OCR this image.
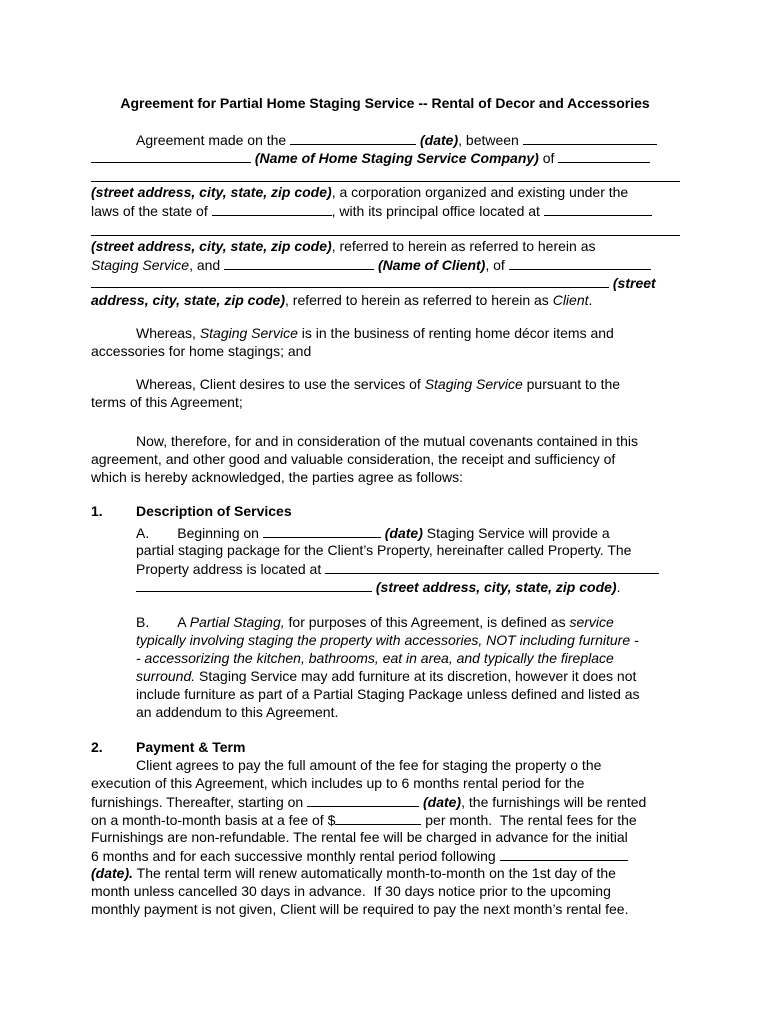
Agreement for Partial Home Staging Service -- Rental of Decor and Accessories

Agreement made on the	(date), between

(Name of Home Staging Service Company) of

(street address, city, state, zip code), a corporation organized and existing under the

laws of the state of	, with its principal office located at

(street address, city, state, zip code), referred to herein as referred to herein as

Staging Service, and	(Name of Client), of

(street

address, city, state, zip code), referred to herein as referred to herein as Client.

Whereas, Staging Service is in the business of renting home décor items and

accessories for home stagings; and

Whereas, Client desires to use the services of Staging Service pursuant to the

terms of this Agreement;

Now, therefore, for and in consideration of the mutual covenants contained in this

agreement, and other good and valuable consideration, the receipt and sufficiency of

which is hereby acknowledged, the parties agree as follows:

1. Description of Services

A. Beginning on	(date) Staging Service will provide a

partial staging package for the Client’s Property, hereinafter called Property. The

Property address is located at

(street address, city, state, zip code).

B. A Partial Staging, for purposes of this Agreement, is defined as service

typically involving staging the property with accessories, NOT including furniture -

- accessorizing the kitchen, bathrooms, eat in area, and typically the fireplace

surround. Staging Service may add furniture at its discretion, however it does not

include furniture as part of a Partial Staging Package unless defined and listed as

an addendum to this Agreement.

2. Payment & Term

Client agrees to pay the full amount of the fee for staging the property o the

execution of this Agreement, which includes up to 6 months rental period for the

furnishings. Thereafter, starting on	(date), the furnishings will be rented

on a month-to-month basis at a fee of $	per month.  The rental fees for the

Furnishings are non-refundable. The rental fee will be charged in advance for the initial

6 months and for each successive monthly rental period following

(date). The rental term will renew automatically month-to-month on the 1st day of the

month unless cancelled 30 days in advance.  If 30 days notice prior to the upcoming

monthly payment is not given, Client will be required to pay the next month’s rental fee.
